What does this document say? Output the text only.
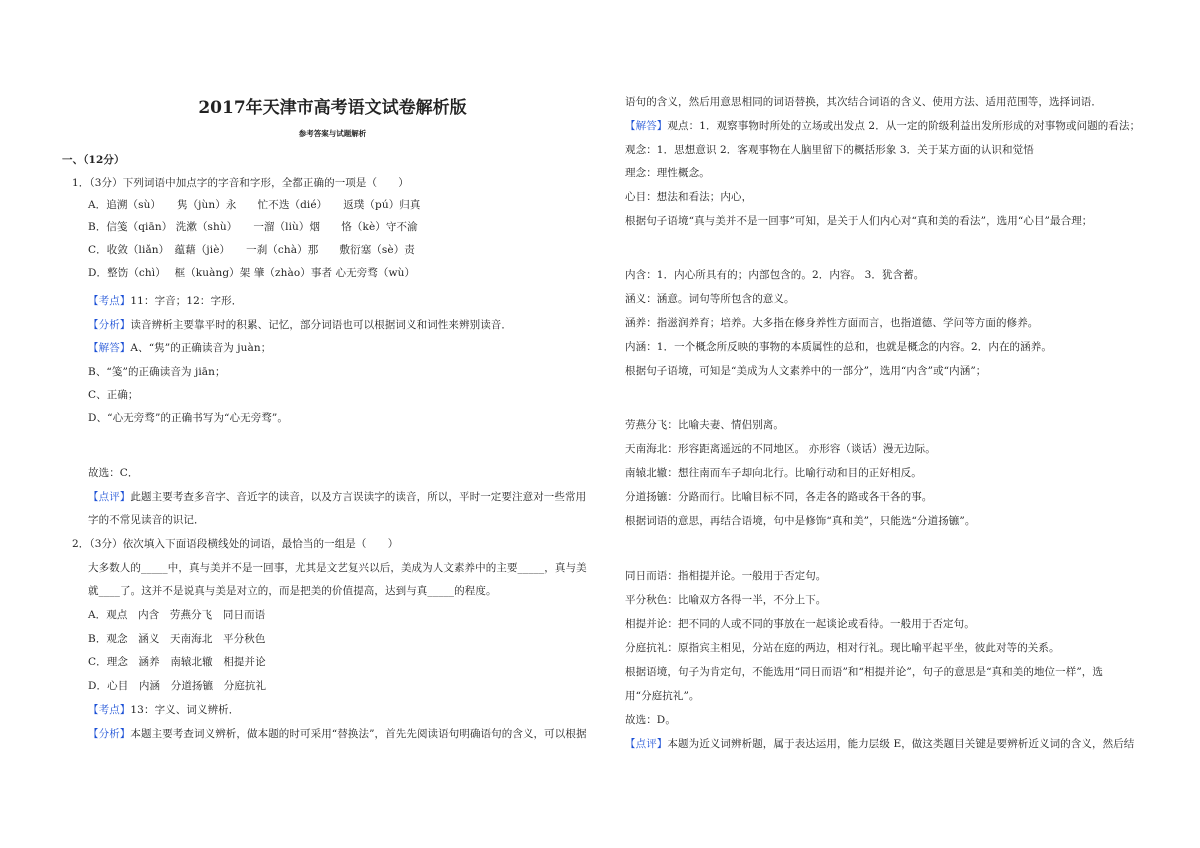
2017年天津市高考语文试卷解析版
参考答案与试题解析
一、（12分）
1．（3分）下列词语中加点字的字音和字形，全都正确的一项是（　　）
A．追溯（sù）　　隽（jùn）永　　忙不迭（dié）　　返璞（pú）归真
B．信笺（qiān） 洗漱（shù）　　一溜（liù）烟　　恪（kè）守不渝
C．收敛（liǎn）　蕴藉（jiè）　　一刹（chà）那　　敷衍塞（sè）责
D．整饬（chì）　 框（kuàng）架 肇（zhào）事者 心无旁骛（wù）
【考点】11：字音；12：字形．
【分析】读音辨析主要靠平时的积累、记忆，部分词语也可以根据词义和词性来辨别读音．
【解答】A、“隽”的正确读音为 juàn；
B、“笺”的正确读音为 jiān；
C、正确；
D、“心无旁骛”的正确书写为“心无旁骛”。
故选：C．
【点评】此题主要考查多音字、音近字的读音，以及方言误读字的读音，所以，平时一定要注意对一些常用
字的不常见读音的识记．
2．（3分）依次填入下面语段横线处的词语，最恰当的一组是（　　）
大多数人的_____中，真与美并不是一回事，尤其是文艺复兴以后，美成为人文素养中的主要_____，真与美
就____了。这并不是说真与美是对立的，而是把美的价值提高，达到与真_____的程度。
A．观点　内含　劳燕分飞　同日而语
B．观念　涵义　天南海北　平分秋色
C．理念　涵养　南辕北辙　相提并论
D．心目　内涵　分道扬镳　分庭抗礼
【考点】13：字义、词义辨析．
【分析】本题主要考查词义辨析，做本题的时可采用“替换法”，首先先阅读语句明确语句的含义，可以根据
语句的含义，然后用意思相同的词语替换，其次结合词语的含义、使用方法、适用范围等，选择词语．
【解答】观点：1．观察事物时所处的立场或出发点 2．从一定的阶级利益出发所形成的对事物或问题的看法；
观念：1．思想意识 2．客观事物在人脑里留下的概括形象 3．关于某方面的认识和觉悟
理念：理性概念。
心目：想法和看法；内心，
根据句子语境“真与美并不是一回事”可知，是关于人们内心对“真和美的看法”，选用“心目”最合理；
内含：1．内心所具有的；内部包含的。2．内容。 3．犹含蓄。
涵义：涵意。词句等所包含的意义。
涵养：指滋润养育；培养。大多指在修身养性方面而言，也指道德、学问等方面的修养。
内涵：1．一个概念所反映的事物的本质属性的总和，也就是概念的内容。2．内在的涵养。
根据句子语境，可知是“美成为人文素养中的一部分”，选用“内含”或“内涵”；
劳燕分飞：比喻夫妻、情侣别离。
天南海北：形容距离遥远的不同地区。 亦形容（谈话）漫无边际。
南辕北辙：想往南而车子却向北行。比喻行动和目的正好相反。
分道扬镳：分路而行。比喻目标不同，各走各的路或各干各的事。
根据词语的意思，再结合语境，句中是修饰“真和美”，只能选“分道扬镳”。
同日而语：指相提并论。一般用于否定句。
平分秋色：比喻双方各得一半，不分上下。
相提并论：把不同的人或不同的事放在一起谈论或看待。一般用于否定句。
分庭抗礼：原指宾主相见，分站在庭的两边，相对行礼。现比喻平起平坐，彼此对等的关系。
根据语境，句子为肯定句，不能选用“同日而语”和“相提并论”，句子的意思是“真和美的地位一样”，选
用“分庭抗礼”。
故选：D。
【点评】本题为近义词辨析题，属于表达运用，能力层级 E，做这类题目关键是要辨析近义词的含义，然后结
